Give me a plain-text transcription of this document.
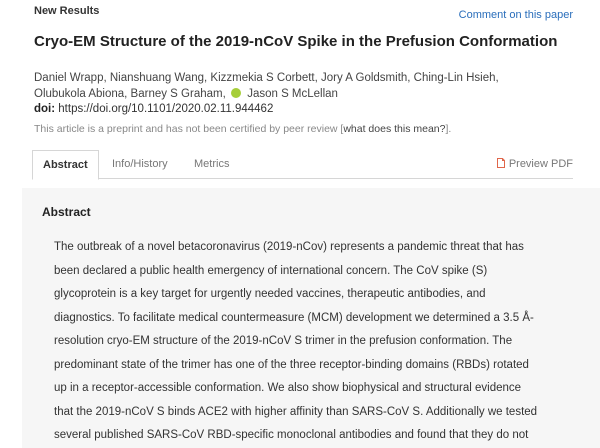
New Results	Comment on this paper
Cryo-EM Structure of the 2019-nCoV Spike in the Prefusion Conformation
Daniel Wrapp, Nianshuang Wang, Kizzmekia S Corbett, Jory A Goldsmith, Ching-Lin Hsieh,
Olubukola Abiona, Barney S Graham, Jason S McLellan
doi: https://doi.org/10.1101/2020.02.11.944462
This article is a preprint and has not been certified by peer review [what does this mean?].
Abstract	Info/History Metrics	Preview PDF
Abstract
The outbreak of a novel betacoronavirus (2019-nCov) represents a pandemic threat that has
been declared a public health emergency of international concern. The CoV spike (S)
glycoprotein is a key target for urgently needed vaccines, therapeutic antibodies, and
diagnostics. To facilitate medical countermeasure (MCM) development we determined a 3.5 Å-
resolution cryo-EM structure of the 2019-nCoV S trimer in the prefusion conformation. The
predominant state of the trimer has one of the three receptor-binding domains (RBDs) rotated
up in a receptor-accessible conformation. We also show biophysical and structural evidence
that the 2019-nCoV S binds ACE2 with higher affinity than SARS-CoV S. Additionally we tested
several published SARS-CoV RBD-specific monoclonal antibodies and found that they do not
